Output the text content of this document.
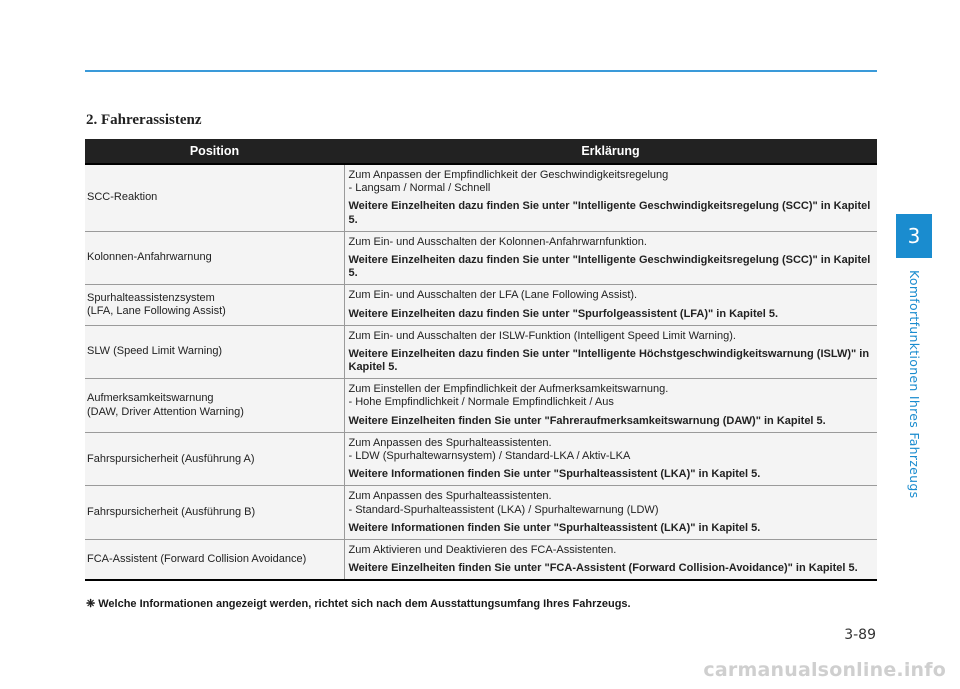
2. Fahrerassistenz
Position	Erklärung

SCC-Reaktion	Zum Anpassen der Empfindlichkeit der Geschwindigkeitsregelung
- Langsam / Normal / Schnell
Weitere Einzelheiten dazu finden Sie unter "Intelligente Geschwindigkeitsregelung (SCC)" in Kapitel 5.

Kolonnen-Anfahrwarnung	Zum Ein- und Ausschalten der Kolonnen-Anfahrwarnfunktion.
Weitere Einzelheiten dazu finden Sie unter "Intelligente Geschwindigkeitsregelung (SCC)" in Kapitel 5.

Spurhalteassistenzsystem
(LFA, Lane Following Assist)	Zum Ein- und Ausschalten der LFA (Lane Following Assist).
Weitere Einzelheiten dazu finden Sie unter "Spurfolgeassistent (LFA)" in Kapitel 5.

SLW (Speed Limit Warning)	Zum Ein- und Ausschalten der ISLW-Funktion (Intelligent Speed Limit Warning).
Weitere Einzelheiten dazu finden Sie unter "Intelligente Höchstgeschwindigkeitswarnung (ISLW)" in Kapitel 5.

Aufmerksamkeitswarnung
(DAW, Driver Attention Warning)	Zum Einstellen der Empfindlichkeit der Aufmerksamkeitswarnung.
- Hohe Empfindlichkeit / Normale Empfindlichkeit / Aus
Weitere Einzelheiten finden Sie unter "Fahreraufmerksamkeitswarnung (DAW)" in Kapitel 5.

Fahrspursicherheit (Ausführung A)	Zum Anpassen des Spurhalteassistenten.
- LDW (Spurhaltewarnsystem) / Standard-LKA / Aktiv-LKA
Weitere Informationen finden Sie unter "Spurhalteassistent (LKA)" in Kapitel 5.

Fahrspursicherheit (Ausführung B)	Zum Anpassen des Spurhalteassistenten.
- Standard-Spurhalteassistent (LKA) / Spurhaltewarnung (LDW)
Weitere Informationen finden Sie unter "Spurhalteassistent (LKA)" in Kapitel 5.

FCA-Assistent (Forward Collision Avoidance)	Zum Aktivieren und Deaktivieren des FCA-Assistenten.
Weitere Einzelheiten finden Sie unter "FCA-Assistent (Forward Collision-Avoidance)" in Kapitel 5.
❈ Welche Informationen angezeigt werden, richtet sich nach dem Ausstattungsumfang Ihres Fahrzeugs.
3
Komfortfunktionen Ihres Fahrzeugs
3-89
carmanualsonline.info
